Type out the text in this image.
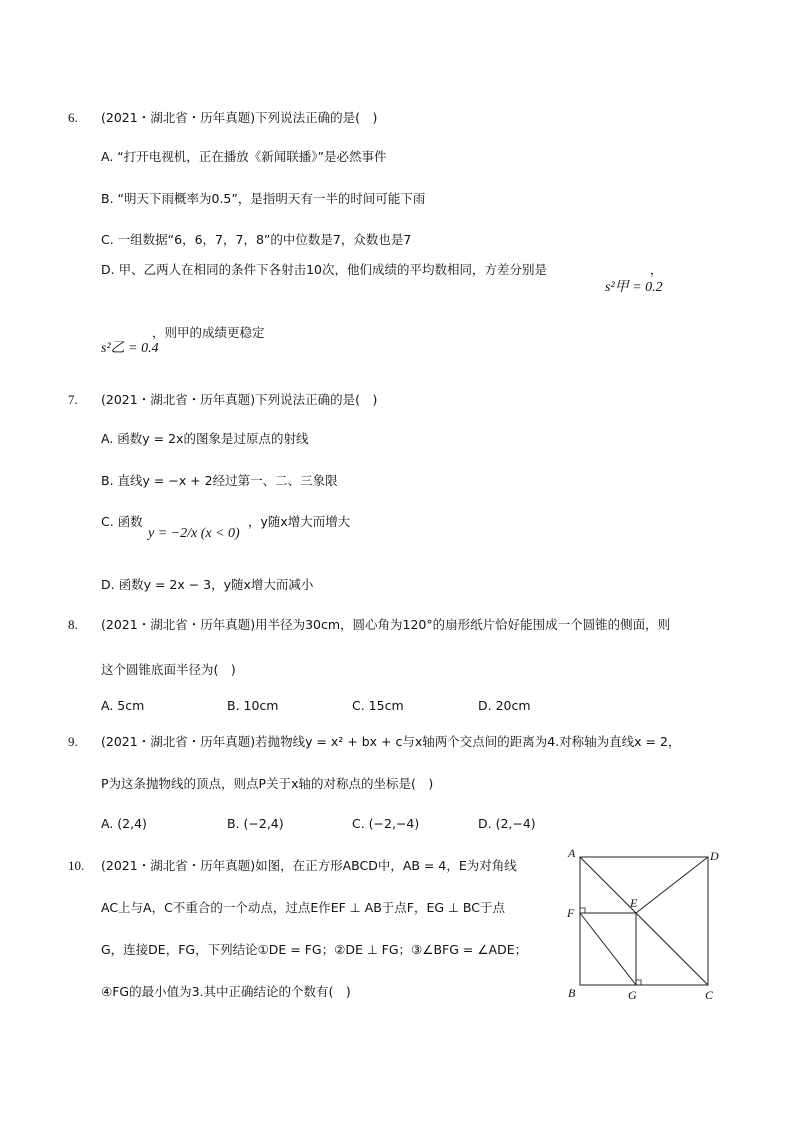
6. (2021・湖北省・历年真题)下列说法正确的是(　)
A. “打开电视机，正在播放《新闻联播》”是必然事件
B. “明天下雨概率为0.5”，是指明天有一半的时间可能下雨
C. 一组数据“6，6，7，7，8”的中位数是7，众数也是7
D. 甲、乙两人在相同的条件下各射击10次，他们成绩的平均数相同，方差分别是
s²甲 = 0.2
，
s²乙 = 0.4
，则甲的成绩更稳定
7. (2021・湖北省・历年真题)下列说法正确的是(　)
A. 函数y = 2x的图象是过原点的射线
B. 直线y = −x + 2经过第一、二、三象限
C. 函数
y = −2/x (x < 0)
，y随x增大而增大
D. 函数y = 2x − 3，y随x增大而减小
8. (2021・湖北省・历年真题)用半径为30cm，圆心角为120°的扇形纸片恰好能围成一个圆锥的侧面，则
这个圆锥底面半径为(　)
A. 5cm	B. 10cm	C. 15cm	D. 20cm
9. (2021・湖北省・历年真题)若抛物线y = x² + bx + c与x轴两个交点间的距离为4.对称轴为直线x = 2，
P为这条抛物线的顶点，则点P关于x轴的对称点的坐标是(　)
A. (2,4)	B. (−2,4)	C. (−2,−4)	D. (2,−4)
10. (2021・湖北省・历年真题)如图，在正方形ABCD中，AB = 4，E为对角线
AC上与A，C不重合的一个动点，过点E作EF ⊥ AB于点F，EG ⊥ BC于点
G，连接DE，FG，下列结论①DE = FG；②DE ⊥ FG；③∠BFG = ∠ADE；
④FG的最小值为3.其中正确结论的个数有(　)
A	D
F
E
B	G	C
